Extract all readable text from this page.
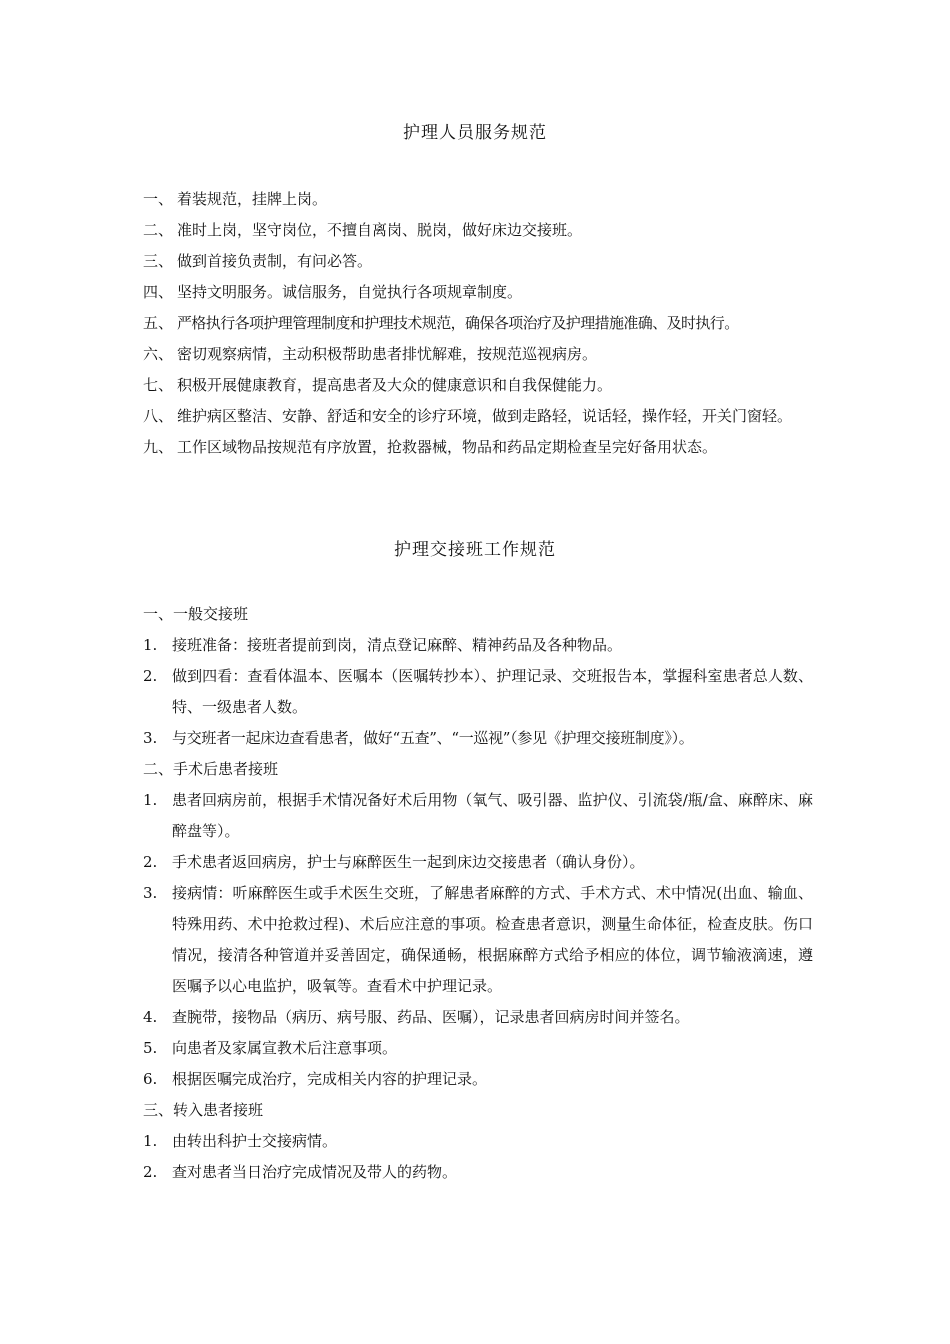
护理人员服务规范
一、 着装规范，挂牌上岗。
二、 准时上岗，坚守岗位，不擅自离岗、脱岗，做好床边交接班。
三、 做到首接负责制，有问必答。
四、 坚持文明服务。诚信服务，自觉执行各项规章制度。
五、 严格执行各项护理管理制度和护理技术规范，确保各项治疗及护理措施准确、及时执行。
六、 密切观察病情，主动积极帮助患者排忧解难，按规范巡视病房。
七、 积极开展健康教育，提高患者及大众的健康意识和自我保健能力。
八、 维护病区整洁、安静、舒适和安全的诊疗环境，做到走路轻，说话轻，操作轻，开关门窗轻。
九、 工作区域物品按规范有序放置，抢救器械，物品和药品定期检查呈完好备用状态。
护理交接班工作规范
一、一般交接班
1. 接班准备：接班者提前到岗，清点登记麻醉、精神药品及各种物品。
2. 做到四看：查看体温本、医嘱本（医嘱转抄本）、护理记录、交班报告本，掌握科室患者总人数、特、一级患者人数。
3. 与交班者一起床边查看患者，做好“五查”、“一巡视”（参见《护理交接班制度》）。
二、手术后患者接班
1. 患者回病房前，根据手术情况备好术后用物（氧气、吸引器、监护仪、引流袋/瓶/盒、麻醉床、麻醉盘等）。
2. 手术患者返回病房，护士与麻醉医生一起到床边交接患者（确认身份）。
3. 接病情：听麻醉医生或手术医生交班，了解患者麻醉的方式、手术方式、术中情况(出血、输血、特殊用药、术中抢救过程)、术后应注意的事项。检查患者意识，测量生命体征，检查皮肤。伤口情况，接清各种管道并妥善固定，确保通畅，根据麻醉方式给予相应的体位，调节输液滴速，遵医嘱予以心电监护，吸氧等。查看术中护理记录。
4. 查腕带，接物品（病历、病号服、药品、医嘱），记录患者回病房时间并签名。
5. 向患者及家属宣教术后注意事项。
6. 根据医嘱完成治疗，完成相关内容的护理记录。
三、转入患者接班
1. 由转出科护士交接病情。
2. 查对患者当日治疗完成情况及带人的药物。
